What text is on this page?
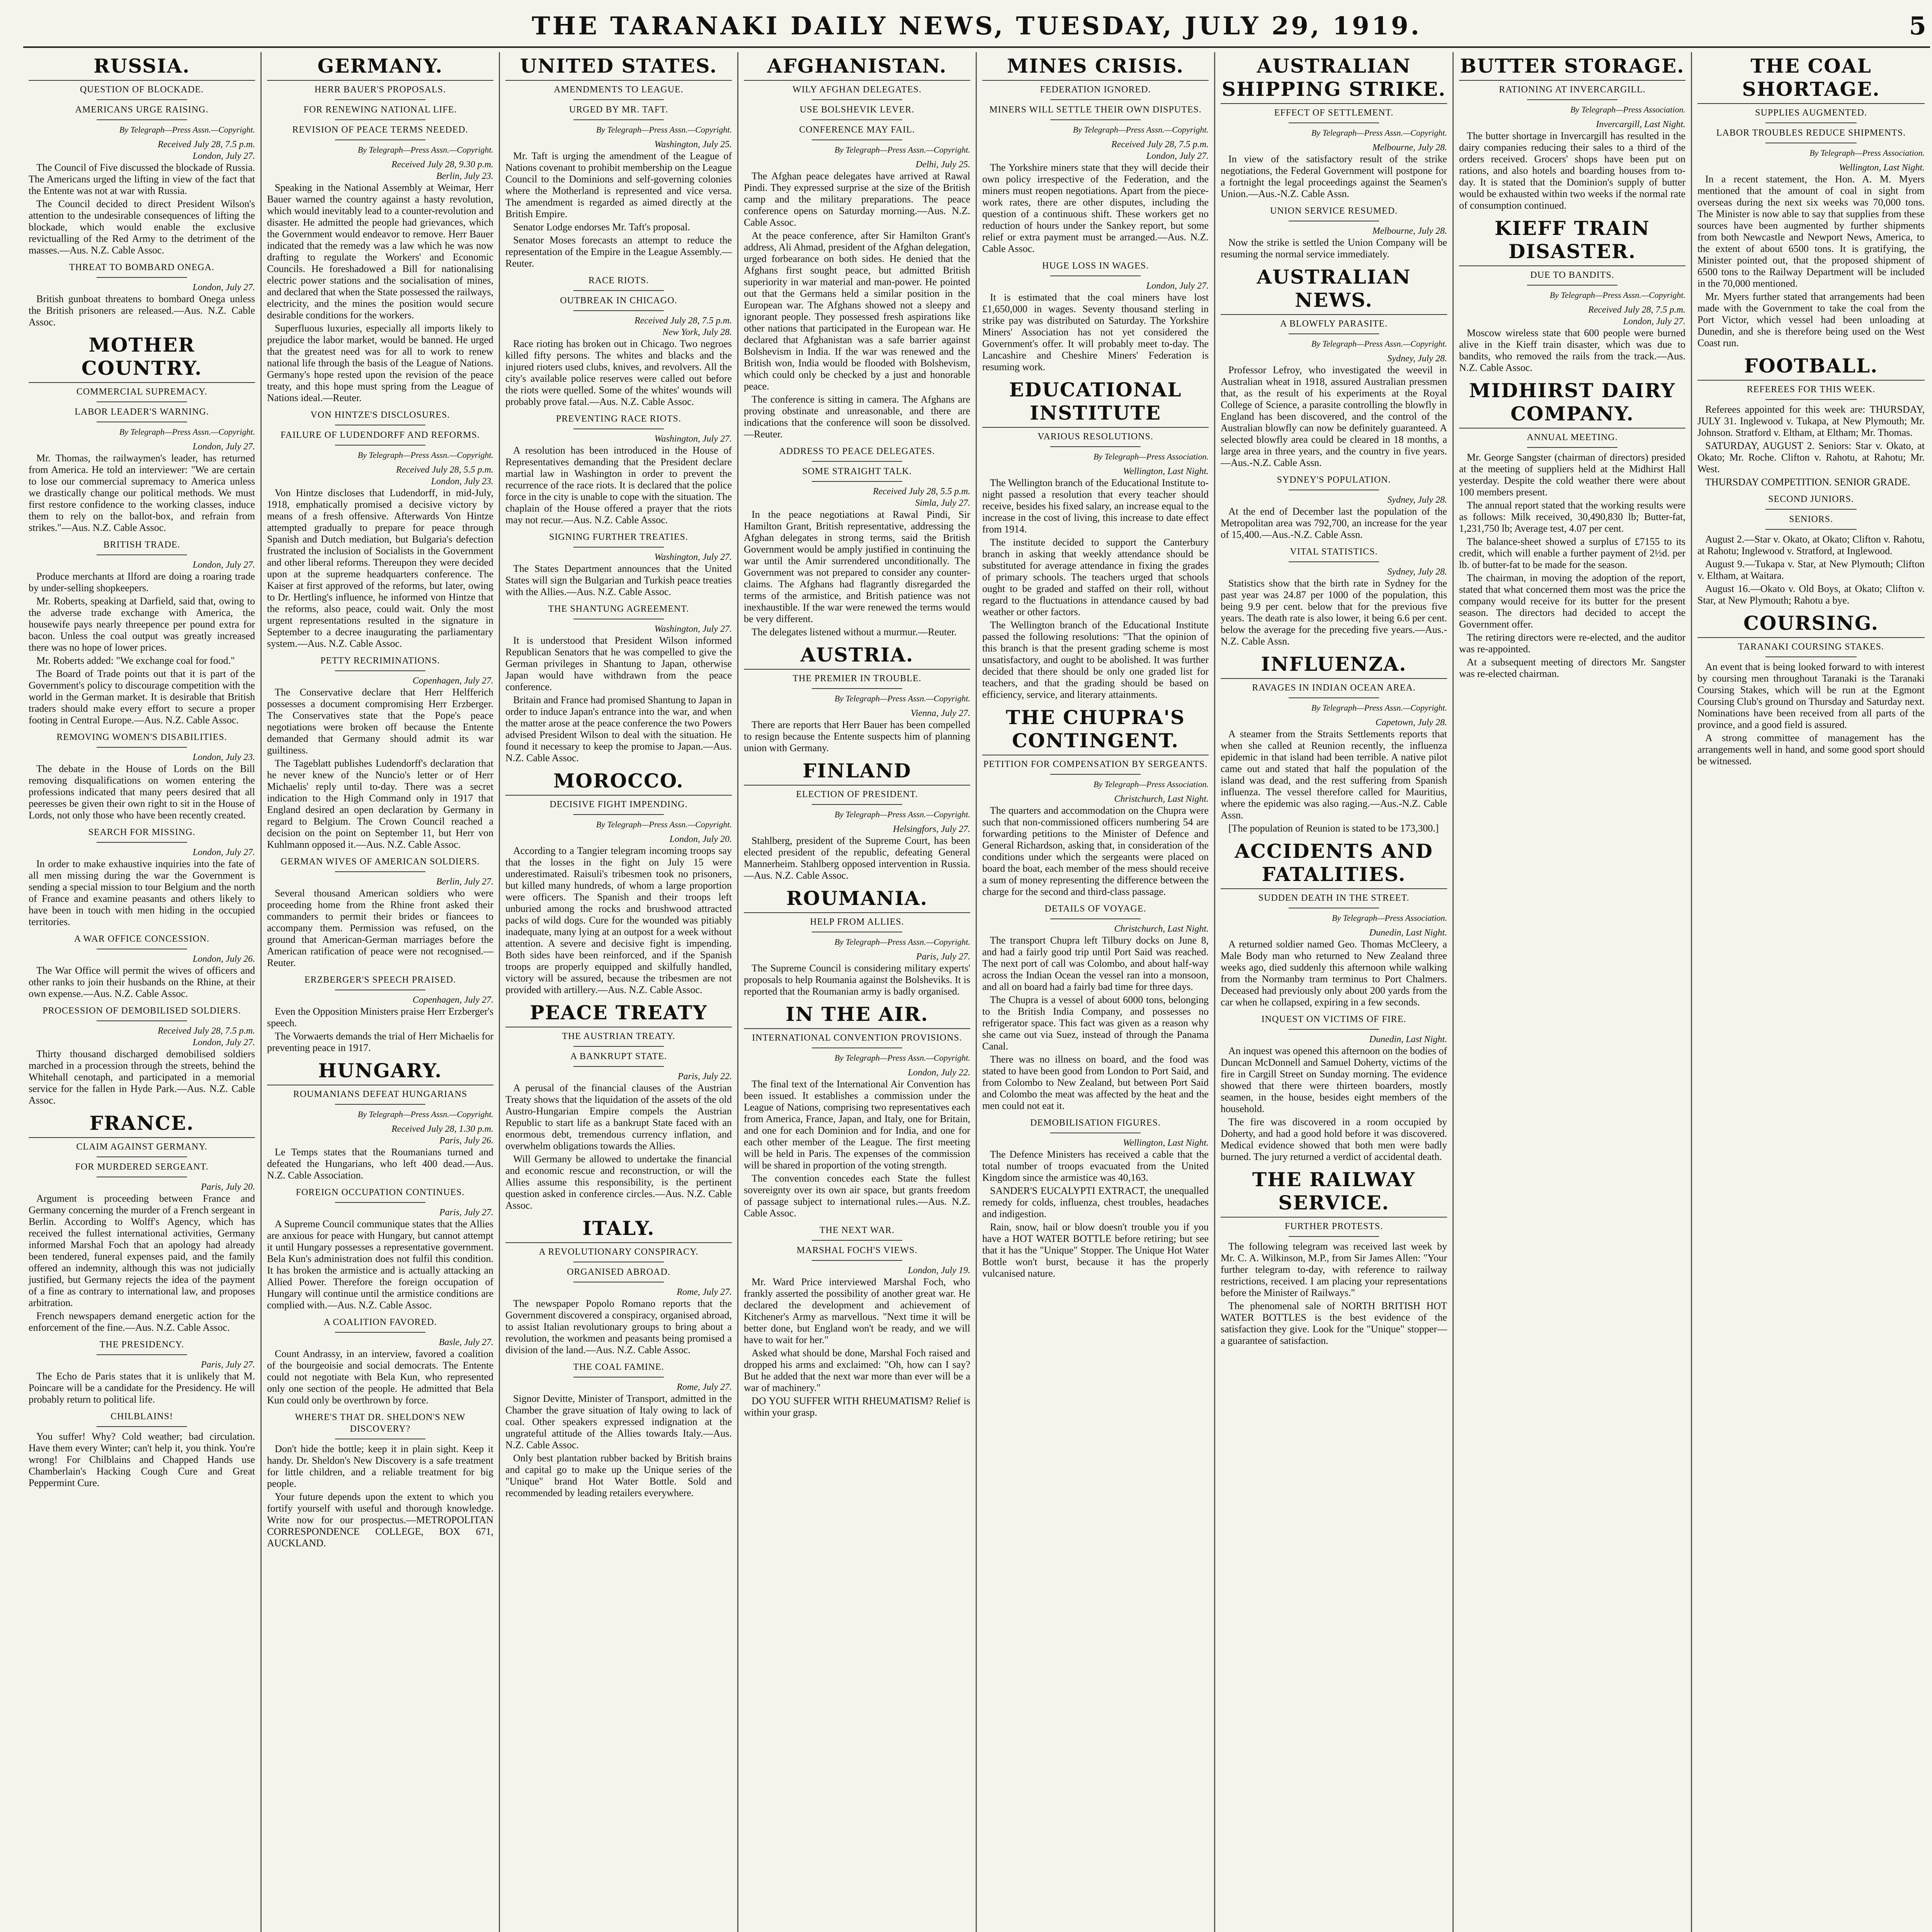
THE TARANAKI DAILY NEWS, TUESDAY, JULY 29, 1919.	5
RUSSIA.
QUESTION OF BLOCKADE.
AMERICANS URGE RAISING.
By Telegraph—Press Assn.—Copyright.
Received July 28, 7.5 p.m.
London, July 27.

The Council of Five discussed the blockade of Russia. The Americans urged the lifting in view of the fact that the Entente was not at war with Russia.

The Council decided to direct President Wilson's attention to the undesirable consequences of lifting the blockade, which would enable the exclusive revictualling of the Red Army to the detriment of the masses.—Aus. N.Z. Cable Assoc.

THREAT TO BOMBARD ONEGA.
London, July 27.

British gunboat threatens to bombard Onega unless the British prisoners are released.—Aus. N.Z. Cable Assoc.

MOTHER COUNTRY.
COMMERCIAL SUPREMACY.
LABOR LEADER'S WARNING.
By Telegraph—Press Assn.—Copyright.
London, July 27.

Mr. Thomas, the railwaymen's leader, has returned from America. He told an interviewer: "We are certain to lose our commercial supremacy to America unless we drastically change our political methods. We must first restore confidence to the working classes, induce them to rely on the ballot-box, and refrain from strikes."—Aus. N.Z. Cable Assoc.

BRITISH TRADE.
London, July 27.

Produce merchants at Ilford are doing a roaring trade by under-selling shopkeepers.

Mr. Roberts, speaking at Darfield, said that, owing to the adverse trade exchange with America, the housewife pays nearly threepence per pound extra for bacon. Unless the coal output was greatly increased there was no hope of lower prices.

Mr. Roberts added: "We exchange coal for food."

The Board of Trade points out that it is part of the Government's policy to discourage competition with the world in the German market. It is desirable that British traders should make every effort to secure a proper footing in Central Europe.—Aus. N.Z. Cable Assoc.

REMOVING WOMEN'S DISABILITIES.
London, July 23.

The debate in the House of Lords on the Bill removing disqualifications on women entering the professions indicated that many peers desired that all peeresses be given their own right to sit in the House of Lords, not only those who have been recently created.

SEARCH FOR MISSING.
London, July 27.

In order to make exhaustive inquiries into the fate of all men missing during the war the Government is sending a special mission to tour Belgium and the north of France and examine peasants and others likely to have been in touch with men hiding in the occupied territories.

A WAR OFFICE CONCESSION.
London, July 26.

The War Office will permit the wives of officers and other ranks to join their husbands on the Rhine, at their own expense.—Aus. N.Z. Cable Assoc.

PROCESSION OF DEMOBILISED SOLDIERS.
Received July 28, 7.5 p.m.
London, July 27.

Thirty thousand discharged demobilised soldiers marched in a procession through the streets, behind the Whitehall cenotaph, and participated in a memorial service for the fallen in Hyde Park.—Aus. N.Z. Cable Assoc.

FRANCE.
CLAIM AGAINST GERMANY.
FOR MURDERED SERGEANT.
Paris, July 20.

Argument is proceeding between France and Germany concerning the murder of a French sergeant in Berlin. According to Wolff's Agency, which has received the fullest international activities, Germany informed Marshal Foch that an apology had already been tendered, funeral expenses paid, and the family offered an indemnity, although this was not judicially justified, but Germany rejects the idea of the payment of a fine as contrary to international law, and proposes arbitration.

French newspapers demand energetic action for the enforcement of the fine.—Aus. N.Z. Cable Assoc.

THE PRESIDENCY.
Paris, July 27.

The Echo de Paris states that it is unlikely that M. Poincare will be a candidate for the Presidency. He will probably return to political life.

CHILBLAINS!

You suffer! Why? Cold weather; bad circulation. Have them every Winter; can't help it, you think. You're wrong! For Chilblains and Chapped Hands use Chamberlain's Hacking Cough Cure and Great Peppermint Cure.

GERMANY.
HERR BAUER'S PROPOSALS.
FOR RENEWING NATIONAL LIFE.
REVISION OF PEACE TERMS NEEDED.
By Telegraph—Press Assn.—Copyright.
Received July 28, 9.30 p.m.
Berlin, July 23.

Speaking in the National Assembly at Weimar, Herr Bauer warned the country against a hasty revolution, which would inevitably lead to a counter-revolution and disaster. He admitted the people had grievances, which the Government would endeavor to remove. Herr Bauer indicated that the remedy was a law which he was now drafting to regulate the Workers' and Economic Councils. He foreshadowed a Bill for nationalising electric power stations and the socialisation of mines, and declared that when the State possessed the railways, electricity, and the mines the position would secure desirable conditions for the workers.

Superfluous luxuries, especially all imports likely to prejudice the labor market, would be banned. He urged that the greatest need was for all to work to renew national life through the basis of the League of Nations. Germany's hope rested upon the revision of the peace treaty, and this hope must spring from the League of Nations ideal.—Reuter.

VON HINTZE'S DISCLOSURES.
FAILURE OF LUDENDORFF AND REFORMS.
By Telegraph—Press Assn.—Copyright.
Received July 28, 5.5 p.m.
London, July 23.

Von Hintze discloses that Ludendorff, in mid-July, 1918, emphatically promised a decisive victory by means of a fresh offensive. Afterwards Von Hintze attempted gradually to prepare for peace through Spanish and Dutch mediation, but Bulgaria's defection frustrated the inclusion of Socialists in the Government and other liberal reforms. Thereupon they were decided upon at the supreme headquarters conference. The Kaiser at first approved of the reforms, but later, owing to Dr. Hertling's influence, he informed von Hintze that the reforms, also peace, could wait. Only the most urgent representations resulted in the signature in September to a decree inaugurating the parliamentary system.—Aus. N.Z. Cable Assoc.

PETTY RECRIMINATIONS.
Copenhagen, July 27.

The Conservative declare that Herr Helfferich possesses a document compromising Herr Erzberger. The Conservatives state that the Pope's peace negotiations were broken off because the Entente demanded that Germany should admit its war guiltiness.

The Tageblatt publishes Ludendorff's declaration that he never knew of the Nuncio's letter or of Herr Michaelis' reply until to-day. There was a secret indication to the High Command only in 1917 that England desired an open declaration by Germany in regard to Belgium. The Crown Council reached a decision on the point on September 11, but Herr von Kuhlmann opposed it.—Aus. N.Z. Cable Assoc.

GERMAN WIVES OF AMERICAN SOLDIERS.
Berlin, July 27.

Several thousand American soldiers who were proceeding home from the Rhine front asked their commanders to permit their brides or fiancees to accompany them. Permission was refused, on the ground that American-German marriages before the American ratification of peace were not recognised.—Reuter.

ERZBERGER'S SPEECH PRAISED.
Copenhagen, July 27.

Even the Opposition Ministers praise Herr Erzberger's speech.

The Vorwaerts demands the trial of Herr Michaelis for preventing peace in 1917.

HUNGARY.
ROUMANIANS DEFEAT HUNGARIANS
By Telegraph—Press Assn.—Copyright.
Received July 28, 1.30 p.m.
Paris, July 26.

Le Temps states that the Roumanians turned and defeated the Hungarians, who left 400 dead.—Aus. N.Z. Cable Association.

FOREIGN OCCUPATION CONTINUES.
Paris, July 27.

A Supreme Council communique states that the Allies are anxious for peace with Hungary, but cannot attempt it until Hungary possesses a representative government. Bela Kun's administration does not fulfil this condition. It has broken the armistice and is actually attacking an Allied Power. Therefore the foreign occupation of Hungary will continue until the armistice conditions are complied with.—Aus. N.Z. Cable Assoc.

A COALITION FAVORED.
Basle, July 27.

Count Andrassy, in an interview, favored a coalition of the bourgeoisie and social democrats. The Entente could not negotiate with Bela Kun, who represented only one section of the people. He admitted that Bela Kun could only be overthrown by force.

WHERE'S THAT DR. SHELDON'S NEW DISCOVERY?

Don't hide the bottle; keep it in plain sight. Keep it handy. Dr. Sheldon's New Discovery is a safe treatment for little children, and a reliable treatment for big people.

Your future depends upon the extent to which you fortify yourself with useful and thorough knowledge. Write now for our prospectus.—METROPOLITAN CORRESPONDENCE COLLEGE, BOX 671, AUCKLAND.

UNITED STATES.
AMENDMENTS TO LEAGUE.
URGED BY MR. TAFT.
By Telegraph—Press Assn.—Copyright.
Washington, July 25.

Mr. Taft is urging the amendment of the League of Nations covenant to prohibit membership on the League Council to the Dominions and self-governing colonies where the Motherland is represented and vice versa. The amendment is regarded as aimed directly at the British Empire.

Senator Lodge endorses Mr. Taft's proposal.

Senator Moses forecasts an attempt to reduce the representation of the Empire in the League Assembly.—Reuter.

RACE RIOTS.
OUTBREAK IN CHICAGO.
Received July 28, 7.5 p.m.
New York, July 28.

Race rioting has broken out in Chicago. Two negroes killed fifty persons. The whites and blacks and the injured rioters used clubs, knives, and revolvers. All the city's available police reserves were called out before the riots were quelled. Some of the whites' wounds will probably prove fatal.—Aus. N.Z. Cable Assoc.

PREVENTING RACE RIOTS.
Washington, July 27.

A resolution has been introduced in the House of Representatives demanding that the President declare martial law in Washington in order to prevent the recurrence of the race riots. It is declared that the police force in the city is unable to cope with the situation. The chaplain of the House offered a prayer that the riots may not recur.—Aus. N.Z. Cable Assoc.

SIGNING FURTHER TREATIES.
Washington, July 27.

The States Department announces that the United States will sign the Bulgarian and Turkish peace treaties with the Allies.—Aus. N.Z. Cable Assoc.

THE SHANTUNG AGREEMENT.
Washington, July 27.

It is understood that President Wilson informed Republican Senators that he was compelled to give the German privileges in Shantung to Japan, otherwise Japan would have withdrawn from the peace conference.

Britain and France had promised Shantung to Japan in order to induce Japan's entrance into the war, and when the matter arose at the peace conference the two Powers advised President Wilson to deal with the situation. He found it necessary to keep the promise to Japan.—Aus. N.Z. Cable Assoc.

MOROCCO.
DECISIVE FIGHT IMPENDING.
By Telegraph—Press Assn.—Copyright.
London, July 20.

According to a Tangier telegram incoming troops say that the losses in the fight on July 15 were underestimated. Raisuli's tribesmen took no prisoners, but killed many hundreds, of whom a large proportion were officers. The Spanish and their troops left unburied among the rocks and brushwood attracted packs of wild dogs. Cure for the wounded was pitiably inadequate, many lying at an outpost for a week without attention. A severe and decisive fight is impending. Both sides have been reinforced, and if the Spanish troops are properly equipped and skilfully handled, victory will be assured, because the tribesmen are not provided with artillery.—Aus. N.Z. Cable Assoc.

PEACE TREATY
THE AUSTRIAN TREATY.
A BANKRUPT STATE.
Paris, July 22.

A perusal of the financial clauses of the Austrian Treaty shows that the liquidation of the assets of the old Austro-Hungarian Empire compels the Austrian Republic to start life as a bankrupt State faced with an enormous debt, tremendous currency inflation, and overwhelm obligations towards the Allies.

Will Germany be allowed to undertake the financial and economic rescue and reconstruction, or will the Allies assume this responsibility, is the pertinent question asked in conference circles.—Aus. N.Z. Cable Assoc.

ITALY.
A REVOLUTIONARY CONSPIRACY.
ORGANISED ABROAD.
Rome, July 27.

The newspaper Popolo Romano reports that the Government discovered a conspiracy, organised abroad, to assist Italian revolutionary groups to bring about a revolution, the workmen and peasants being promised a division of the land.—Aus. N.Z. Cable Assoc.

THE COAL FAMINE.
Rome, July 27.

Signor Devitte, Minister of Transport, admitted in the Chamber the grave situation of Italy owing to lack of coal. Other speakers expressed indignation at the ungrateful attitude of the Allies towards Italy.—Aus. N.Z. Cable Assoc.

Only best plantation rubber backed by British brains and capital go to make up the Unique series of the "Unique" brand Hot Water Bottle. Sold and recommended by leading retailers everywhere.

AFGHANISTAN.
WILY AFGHAN DELEGATES.
USE BOLSHEVIK LEVER.
CONFERENCE MAY FAIL.
By Telegraph—Press Assn.—Copyright.
Delhi, July 25.

The Afghan peace delegates have arrived at Rawal Pindi. They expressed surprise at the size of the British camp and the military preparations. The peace conference opens on Saturday morning.—Aus. N.Z. Cable Assoc.

At the peace conference, after Sir Hamilton Grant's address, Ali Ahmad, president of the Afghan delegation, urged forbearance on both sides. He denied that the Afghans first sought peace, but admitted British superiority in war material and man-power. He pointed out that the Germans held a similar position in the European war. The Afghans showed not a sleepy and ignorant people. They possessed fresh aspirations like other nations that participated in the European war. He declared that Afghanistan was a safe barrier against Bolshevism in India. If the war was renewed and the British won, India would be flooded with Bolshevism, which could only be checked by a just and honorable peace.

The conference is sitting in camera. The Afghans are proving obstinate and unreasonable, and there are indications that the conference will soon be dissolved.—Reuter.

ADDRESS TO PEACE DELEGATES.
SOME STRAIGHT TALK.
Received July 28, 5.5 p.m.
Simla, July 27.

In the peace negotiations at Rawal Pindi, Sir Hamilton Grant, British representative, addressing the Afghan delegates in strong terms, said the British Government would be amply justified in continuing the war until the Amir surrendered unconditionally. The Government was not prepared to consider any counter-claims. The Afghans had flagrantly disregarded the terms of the armistice, and British patience was not inexhaustible. If the war were renewed the terms would be very different.

The delegates listened without a murmur.—Reuter.

AUSTRIA.
THE PREMIER IN TROUBLE.
By Telegraph—Press Assn.—Copyright.
Vienna, July 27.

There are reports that Herr Bauer has been compelled to resign because the Entente suspects him of planning union with Germany.

FINLAND
ELECTION OF PRESIDENT.
By Telegraph—Press Assn.—Copyright.
Helsingfors, July 27.

Stahlberg, president of the Supreme Court, has been elected president of the republic, defeating General Mannerheim. Stahlberg opposed intervention in Russia.—Aus. N.Z. Cable Assoc.

ROUMANIA.
HELP FROM ALLIES.
By Telegraph—Press Assn.—Copyright.
Paris, July 27.

The Supreme Council is considering military experts' proposals to help Roumania against the Bolsheviks. It is reported that the Roumanian army is badly organised.

IN THE AIR.
INTERNATIONAL CONVENTION PROVISIONS.
By Telegraph—Press Assn.—Copyright.
London, July 22.

The final text of the International Air Convention has been issued. It establishes a commission under the League of Nations, comprising two representatives each from America, France, Japan, and Italy, one for Britain, and one for each Dominion and for India, and one for each other member of the League. The first meeting will be held in Paris. The expenses of the commission will be shared in proportion of the voting strength.

The convention concedes each State the fullest sovereignty over its own air space, but grants freedom of passage subject to international rules.—Aus. N.Z. Cable Assoc.

THE NEXT WAR.
MARSHAL FOCH'S VIEWS.
London, July 19.

Mr. Ward Price interviewed Marshal Foch, who frankly asserted the possibility of another great war. He declared the development and achievement of Kitchener's Army as marvellous. "Next time it will be better done, but England won't be ready, and we will have to wait for her."

Asked what should be done, Marshal Foch raised and dropped his arms and exclaimed: "Oh, how can I say? But he added that the next war more than ever will be a war of machinery."

DO YOU SUFFER WITH RHEUMATISM? Relief is within your grasp.

MINES CRISIS.
FEDERATION IGNORED.
MINERS WILL SETTLE THEIR OWN DISPUTES.
By Telegraph—Press Assn.—Copyright.
Received July 28, 7.5 p.m.
London, July 27.

The Yorkshire miners state that they will decide their own policy irrespective of the Federation, and the miners must reopen negotiations. Apart from the piece-work rates, there are other disputes, including the question of a continuous shift. These workers get no reduction of hours under the Sankey report, but some relief or extra payment must be arranged.—Aus. N.Z. Cable Assoc.

HUGE LOSS IN WAGES.
London, July 27.

It is estimated that the coal miners have lost £1,650,000 in wages. Seventy thousand sterling in strike pay was distributed on Saturday. The Yorkshire Miners' Association has not yet considered the Government's offer. It will probably meet to-day. The Lancashire and Cheshire Miners' Federation is resuming work.

EDUCATIONAL INSTITUTE
VARIOUS RESOLUTIONS.
By Telegraph—Press Association.
Wellington, Last Night.

The Wellington branch of the Educational Institute to-night passed a resolution that every teacher should receive, besides his fixed salary, an increase equal to the increase in the cost of living, this increase to date effect from 1914.

The institute decided to support the Canterbury branch in asking that weekly attendance should be substituted for average attendance in fixing the grades of primary schools. The teachers urged that schools ought to be graded and staffed on their roll, without regard to the fluctuations in attendance caused by bad weather or other factors.

The Wellington branch of the Educational Institute passed the following resolutions: "That the opinion of this branch is that the present grading scheme is most unsatisfactory, and ought to be abolished. It was further decided that there should be only one graded list for teachers, and that the grading should be based on efficiency, service, and literary attainments.

THE CHUPRA'S CONTINGENT.
PETITION FOR COMPENSATION BY SERGEANTS.
By Telegraph—Press Association.
Christchurch, Last Night.

The quarters and accommodation on the Chupra were such that non-commissioned officers numbering 54 are forwarding petitions to the Minister of Defence and General Richardson, asking that, in consideration of the conditions under which the sergeants were placed on board the boat, each member of the mess should receive a sum of money representing the difference between the charge for the second and third-class passage.

DETAILS OF VOYAGE.
Christchurch, Last Night.

The transport Chupra left Tilbury docks on June 8, and had a fairly good trip until Port Said was reached. The next port of call was Colombo, and about half-way across the Indian Ocean the vessel ran into a monsoon, and all on board had a fairly bad time for three days.

The Chupra is a vessel of about 6000 tons, belonging to the British India Company, and possesses no refrigerator space. This fact was given as a reason why she came out via Suez, instead of through the Panama Canal.

There was no illness on board, and the food was stated to have been good from London to Port Said, and from Colombo to New Zealand, but between Port Said and Colombo the meat was affected by the heat and the men could not eat it.

DEMOBILISATION FIGURES.
Wellington, Last Night.

The Defence Ministers has received a cable that the total number of troops evacuated from the United Kingdom since the armistice was 40,163.

SANDER'S EUCALYPTI EXTRACT, the unequalled remedy for colds, influenza, chest troubles, headaches and indigestion.

Rain, snow, hail or blow doesn't trouble you if you have a HOT WATER BOTTLE before retiring; but see that it has the "Unique" Stopper. The Unique Hot Water Bottle won't burst, because it has the properly vulcanised nature.

AUSTRALIAN SHIPPING STRIKE.
EFFECT OF SETTLEMENT.
By Telegraph—Press Assn.—Copyright.
Melbourne, July 28.

In view of the satisfactory result of the strike negotiations, the Federal Government will postpone for a fortnight the legal proceedings against the Seamen's Union.—Aus.-N.Z. Cable Assn.

UNION SERVICE RESUMED.
Melbourne, July 28.

Now the strike is settled the Union Company will be resuming the normal service immediately.

AUSTRALIAN NEWS.
A BLOWFLY PARASITE.
By Telegraph—Press Assn.—Copyright.
Sydney, July 28.

Professor Lefroy, who investigated the weevil in Australian wheat in 1918, assured Australian pressmen that, as the result of his experiments at the Royal College of Science, a parasite controlling the blowfly in England has been discovered, and the control of the Australian blowfly can now be definitely guaranteed. A selected blowfly area could be cleared in 18 months, a large area in three years, and the country in five years.—Aus.-N.Z. Cable Assn.

SYDNEY'S POPULATION.
Sydney, July 28.

At the end of December last the population of the Metropolitan area was 792,700, an increase for the year of 15,400.—Aus.-N.Z. Cable Assn.

VITAL STATISTICS.
Sydney, July 28.

Statistics show that the birth rate in Sydney for the past year was 24.87 per 1000 of the population, this being 9.9 per cent. below that for the previous five years. The death rate is also lower, it being 6.6 per cent. below the average for the preceding five years.—Aus.-N.Z. Cable Assn.

INFLUENZA.
RAVAGES IN INDIAN OCEAN AREA.
By Telegraph—Press Assn.—Copyright.
Capetown, July 28.

A steamer from the Straits Settlements reports that when she called at Reunion recently, the influenza epidemic in that island had been terrible. A native pilot came out and stated that half the population of the island was dead, and the rest suffering from Spanish influenza. The vessel therefore called for Mauritius, where the epidemic was also raging.—Aus.-N.Z. Cable Assn.

[The population of Reunion is stated to be 173,300.]

ACCIDENTS AND FATALITIES.
SUDDEN DEATH IN THE STREET.
By Telegraph—Press Association.
Dunedin, Last Night.

A returned soldier named Geo. Thomas McCleery, a Male Body man who returned to New Zealand three weeks ago, died suddenly this afternoon while walking from the Normanby tram terminus to Port Chalmers. Deceased had previously only about 200 yards from the car when he collapsed, expiring in a few seconds.

INQUEST ON VICTIMS OF FIRE.
Dunedin, Last Night.

An inquest was opened this afternoon on the bodies of Duncan McDonnell and Samuel Doherty, victims of the fire in Cargill Street on Sunday morning. The evidence showed that there were thirteen boarders, mostly seamen, in the house, besides eight members of the household.

The fire was discovered in a room occupied by Doherty, and had a good hold before it was discovered. Medical evidence showed that both men were badly burned. The jury returned a verdict of accidental death.

THE RAILWAY SERVICE.
FURTHER PROTESTS.

The following telegram was received last week by Mr. C. A. Wilkinson, M.P., from Sir James Allen: "Your further telegram to-day, with reference to railway restrictions, received. I am placing your representations before the Minister of Railways."

The phenomenal sale of NORTH BRITISH HOT WATER BOTTLES is the best evidence of the satisfaction they give. Look for the "Unique" stopper—a guarantee of satisfaction.

BUTTER STORAGE.
RATIONING AT INVERCARGILL.
By Telegraph—Press Association.
Invercargill, Last Night.

The butter shortage in Invercargill has resulted in the dairy companies reducing their sales to a third of the orders received. Grocers' shops have been put on rations, and also hotels and boarding houses from to-day. It is stated that the Dominion's supply of butter would be exhausted within two weeks if the normal rate of consumption continued.

KIEFF TRAIN DISASTER.
DUE TO BANDITS.
By Telegraph—Press Assn.—Copyright.
Received July 28, 7.5 p.m.
London, July 27.

Moscow wireless state that 600 people were burned alive in the Kieff train disaster, which was due to bandits, who removed the rails from the track.—Aus. N.Z. Cable Assoc.

MIDHIRST DAIRY COMPANY.
ANNUAL MEETING.

Mr. George Sangster (chairman of directors) presided at the meeting of suppliers held at the Midhirst Hall yesterday. Despite the cold weather there were about 100 members present.

The annual report stated that the working results were as follows: Milk received, 30,490,830 lb; Butter-fat, 1,231,750 lb; Average test, 4.07 per cent.

The balance-sheet showed a surplus of £7155 to its credit, which will enable a further payment of 2½d. per lb. of butter-fat to be made for the season.

The chairman, in moving the adoption of the report, stated that what concerned them most was the price the company would receive for its butter for the present season. The directors had decided to accept the Government offer.

The retiring directors were re-elected, and the auditor was re-appointed.

At a subsequent meeting of directors Mr. Sangster was re-elected chairman.

THE COAL SHORTAGE.
SUPPLIES AUGMENTED.
LABOR TROUBLES REDUCE SHIPMENTS.
By Telegraph—Press Association.
Wellington, Last Night.

In a recent statement, the Hon. A. M. Myers mentioned that the amount of coal in sight from overseas during the next six weeks was 70,000 tons. The Minister is now able to say that supplies from these sources have been augmented by further shipments from both Newcastle and Newport News, America, to the extent of about 6500 tons. It is gratifying, the Minister pointed out, that the proposed shipment of 6500 tons to the Railway Department will be included in the 70,000 mentioned.

Mr. Myers further stated that arrangements had been made with the Government to take the coal from the Port Victor, which vessel had been unloading at Dunedin, and she is therefore being used on the West Coast run.

FOOTBALL.
REFEREES FOR THIS WEEK.

Referees appointed for this week are: THURSDAY, JULY 31. Inglewood v. Tukapa, at New Plymouth; Mr. Johnson. Stratford v. Eltham, at Eltham; Mr. Thomas.

SATURDAY, AUGUST 2. Seniors: Star v. Okato, at Okato; Mr. Roche. Clifton v. Rahotu, at Rahotu; Mr. West.

THURSDAY COMPETITION. SENIOR GRADE.

SECOND JUNIORS.
SENIORS.

August 2.—Star v. Okato, at Okato; Clifton v. Rahotu, at Rahotu; Inglewood v. Stratford, at Inglewood.

August 9.—Tukapa v. Star, at New Plymouth; Clifton v. Eltham, at Waitara.

August 16.—Okato v. Old Boys, at Okato; Clifton v. Star, at New Plymouth; Rahotu a bye.

COURSING.
TARANAKI COURSING STAKES.

An event that is being looked forward to with interest by coursing men throughout Taranaki is the Taranaki Coursing Stakes, which will be run at the Egmont Coursing Club's ground on Thursday and Saturday next. Nominations have been received from all parts of the province, and a good field is assured.

A strong committee of management has the arrangements well in hand, and some good sport should be witnessed.
